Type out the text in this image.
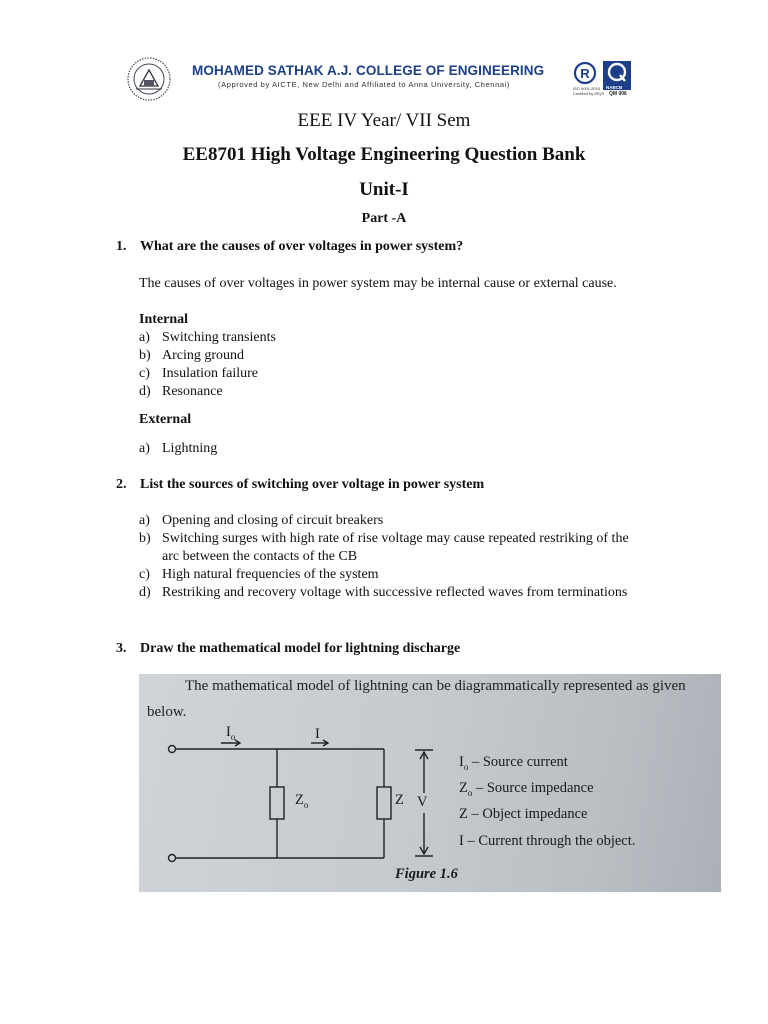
MOHAMED SATHAK A.J. COLLEGE OF ENGINEERING
(Approved by AICTE, New Delhi and Affiliated to Anna University, Chennai)
R
ISO 9001:2015
Certified by IRQS
NABCB
QM 006
EEE IV Year/ VII Sem
EE8701 High Voltage Engineering Question Bank
Unit-I
Part -A
1. What are the causes of over voltages in power system?
The causes of over voltages in power system may be internal cause or external cause.
Internal
a) Switching transients
b) Arcing ground
c) Insulation failure
d) Resonance
External
a) Lightning
2. List the sources of switching over voltage in power system
a) Opening and closing of circuit breakers
b) Switching surges with high rate of rise voltage may cause repeated restriking of the
arc between the contacts of the CB
c) High natural frequencies of the system
d) Restriking and recovery voltage with successive reflected waves from terminations
3. Draw the mathematical model for lightning discharge
The mathematical model of lightning can be diagrammatically represented as given
below.
$I_o$	I
$Z_o$	Z V
$I_o$ – Source current
$Z_o$ – Source impedance
Z – Object impedance
I – Current through the object.
Figure 1.6
